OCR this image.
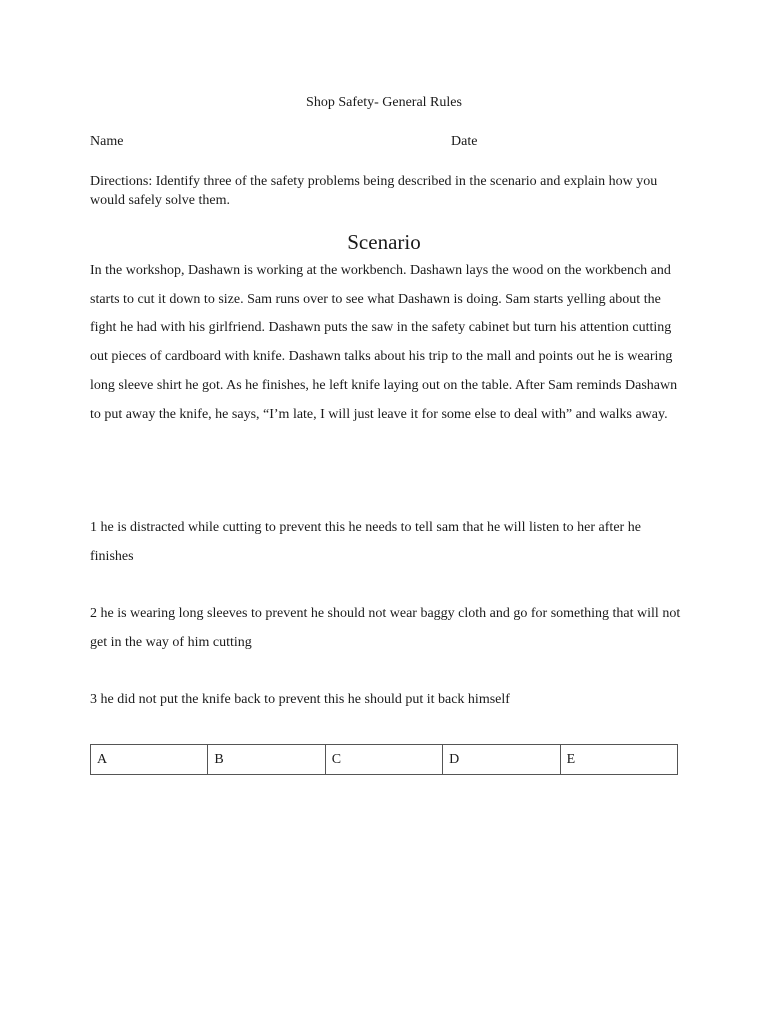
Shop Safety- General Rules
Name	Date
Directions: Identify three of the safety problems being described in the scenario and explain how you would safely solve them.
Scenario
In the workshop, Dashawn is working at the workbench. Dashawn lays the wood on the workbench and starts to cut it down to size. Sam runs over to see what Dashawn is doing. Sam starts yelling about the fight he had with his girlfriend. Dashawn puts the saw in the safety cabinet but turn his attention cutting out pieces of cardboard with knife. Dashawn talks about his trip to the mall and points out he is wearing long sleeve shirt he got. As he finishes, he left knife laying out on the table. After Sam reminds Dashawn to put away the knife, he says, “I’m late, I will just leave it for some else to deal with” and walks away.
1 he is distracted while cutting to prevent this he needs to tell sam that he will listen to her after he finishes
2 he is wearing long sleeves to prevent he should not wear baggy cloth and go for something that will not get in the way of him cutting
3 he did not put the knife back to prevent this he should put it back himself
A	B	C	D	E
